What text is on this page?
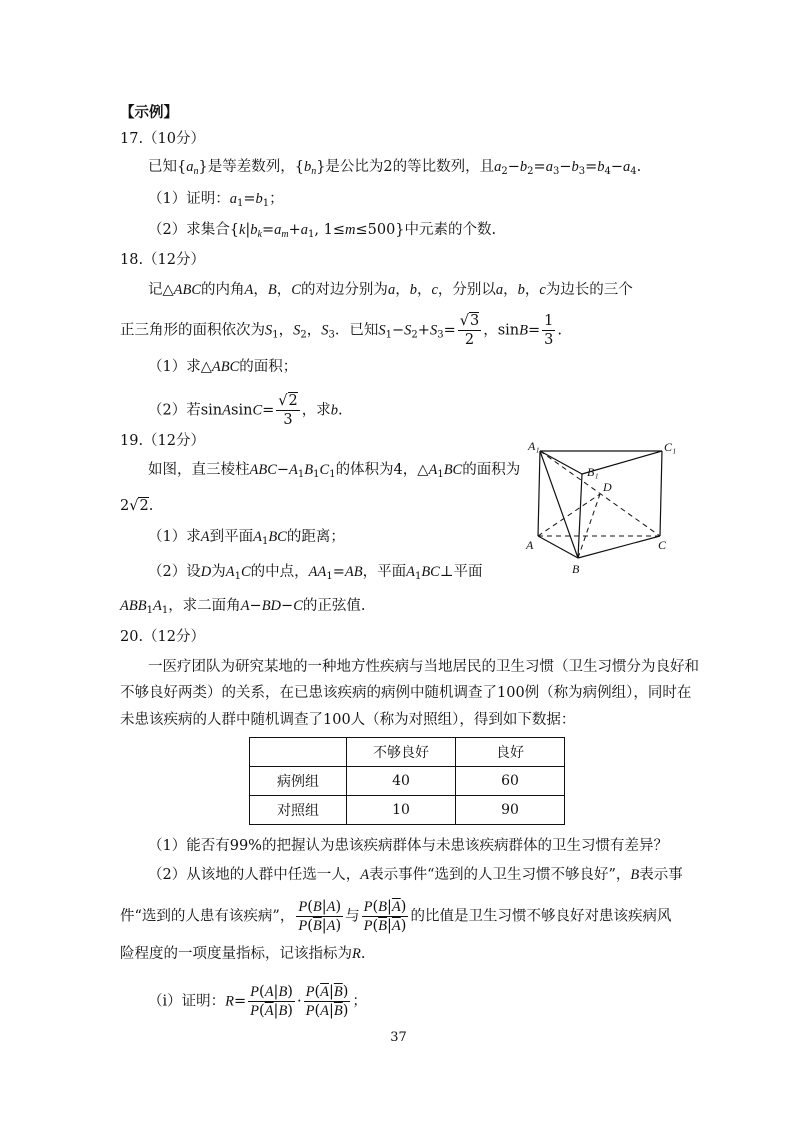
【示例】
17.（10分）
已知$\{a_n\}$是等差数列，$\{b_n\}$是公比为2的等比数列，且$a_2-b_2=a_3-b_3=b_4-a_4$.
（1）证明：$a_1=b_1$；
（2）求集合{$k|b_k=a_m+a_1$, 1≤m≤500}中元素的个数.
18.（12分）
记△ABC的内角A，B，C的对边分别为a，b，c，分别以a，b，c为边长的三个
正三角形的面积依次为$S_1$，$S_2$，$S_3$．已知$S_1-S_2+S_3= \frac{√3}{2}$ ，$\sin B= \frac{1}{3}$ .
（1）求△ABC的面积；
（2）若sinAsinC= $\frac{√2}{3}$ ，求b.
19.（12分）
如图，直三棱柱$ABC-A_1B_1C_1$的体积为4，$\triangle A_1BC$的面积为
2√2.
（1）求A到平面$A_1BC$的距离；
（2）设D为$A_1C$的中点，$AA_1=AB$，平面$A_1BC\perp$平面
$ABB_1A_1$，求二面角A−BD−C的正弦值.
A₁	C₁
B₁
D
A
B
C
20.（12分）
一医疗团队为研究某地的一种地方性疾病与当地居民的卫生习惯（卫生习惯分为良好和
不够良好两类）的关系，在已患该疾病的病例中随机调查了100例（称为病例组），同时在
未患该疾病的人群中随机调查了100人（称为对照组），得到如下数据：
	不够良好	良好
病例组	40	60
对照组	10	90
（1）能否有99%的把握认为患该疾病群体与未患该疾病群体的卫生习惯有差异？
（2）从该地的人群中任选一人，A表示事件“选到的人卫生习惯不够良好”，B表示事
件“选到的人患有该疾病”， $\frac{P(B|A)}{P(\overline{B}|A)}$ 与 $\frac{P(B|\overline{A})}{P(\overline{B}|\overline{A})}$ 的比值是卫生习惯不够良好对患该疾病风
险程度的一项度量指标，记该指标为R.
（i）证明：$R= \frac{P(A|B)}{P(\overline{A}|B)} \cdot \frac{P(\overline{A}|\overline{B})}{P(A|\overline{B})}$ ；
37
